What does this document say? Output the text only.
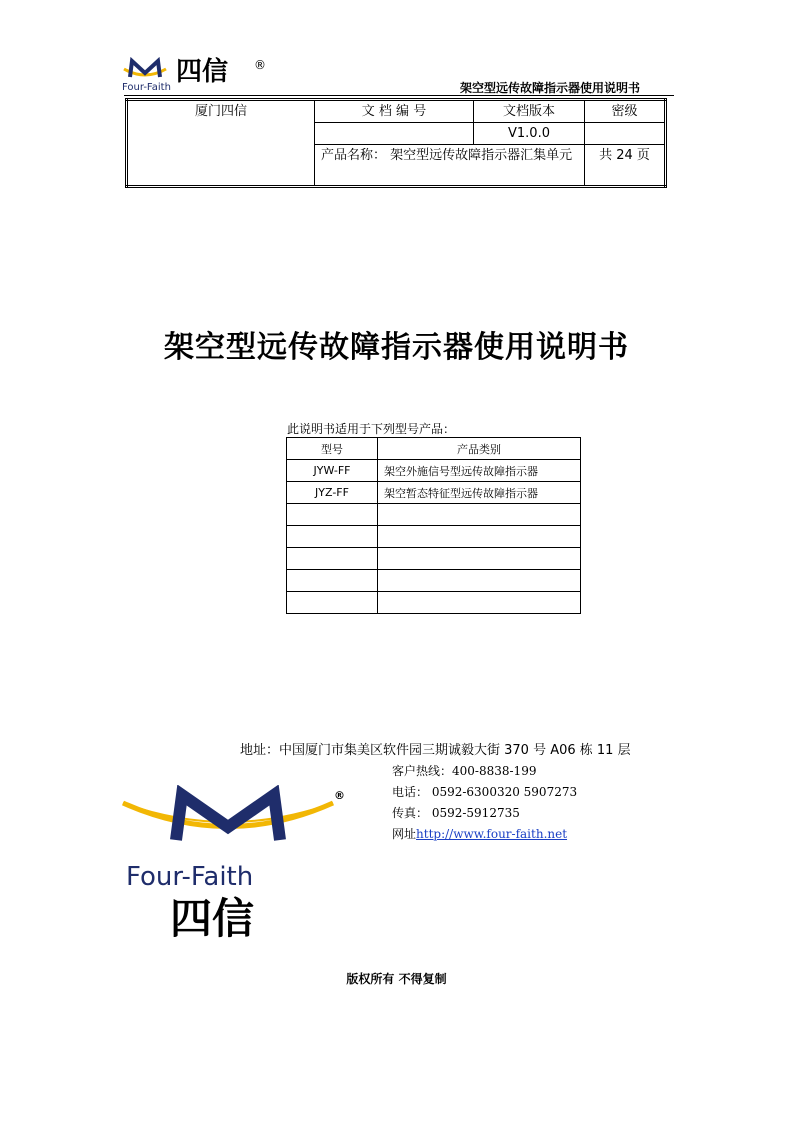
Four-Faith
四信 ®
架空型远传故障指示器使用说明书
厦门四信	文 档 编 号	文档版本	密级
		V1.0.0	
	产品名称： 架空型远传故障指示器汇集单元		共 24 页
架空型远传故障指示器使用说明书
此说明书适用于下列型号产品：
型号	产品类别
JYW-FF	架空外施信号型远传故障指示器
JYZ-FF	架空暂态特征型远传故障指示器

地址：中国厦门市集美区软件园三期诚毅大街 370 号 A06 栋 11 层
客户热线：400-8838-199
电话： 0592-6300320 5907273
传真： 0592-5912735
网址http://www.four-faith.net
®
Four-Faith
四信
版权所有 不得复制
